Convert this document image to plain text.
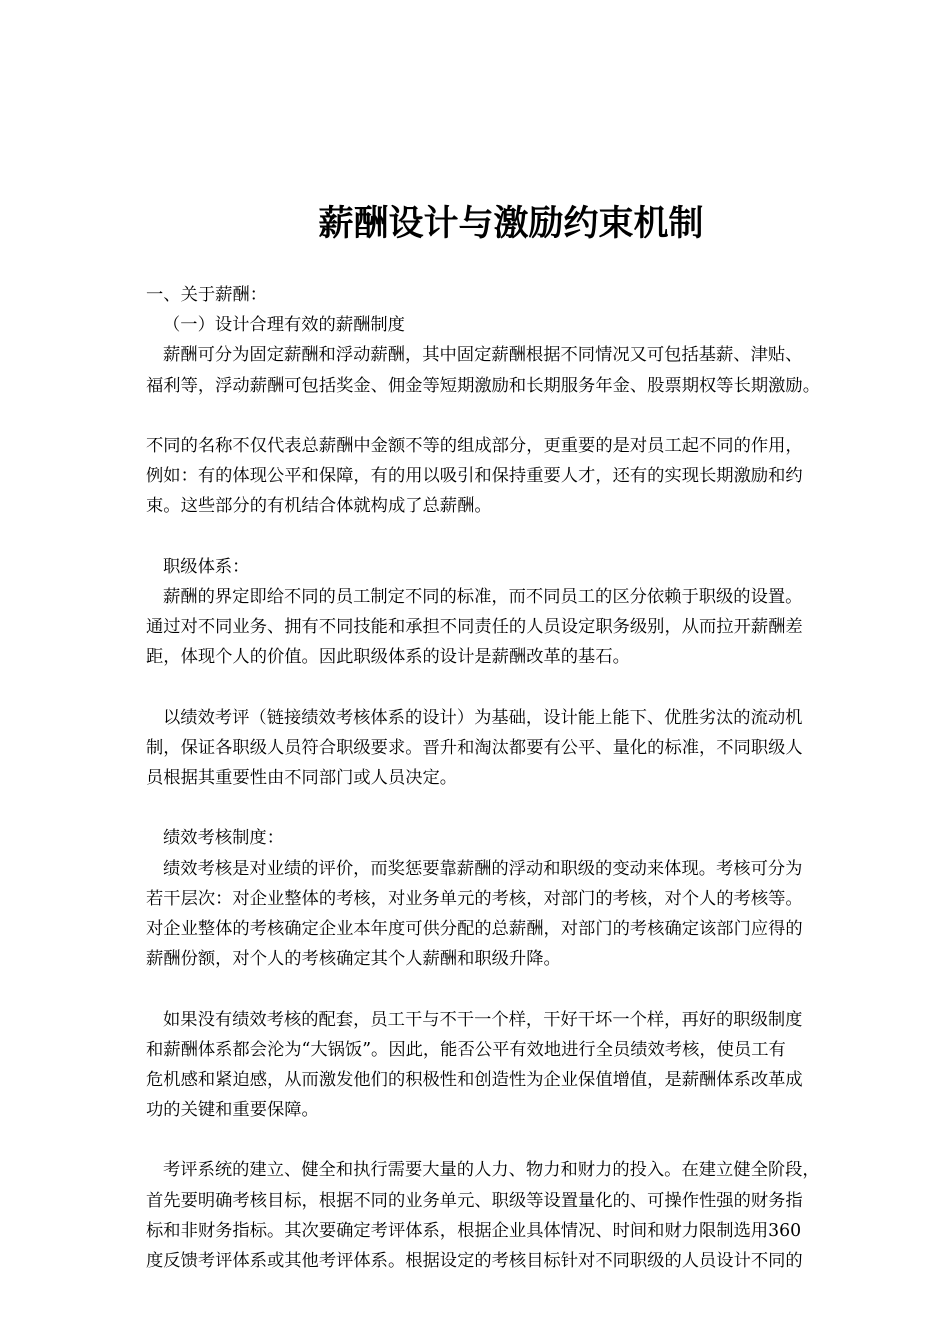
薪酬设计与激励约束机制
一、关于薪酬：
（一）设计合理有效的薪酬制度
薪酬可分为固定薪酬和浮动薪酬，其中固定薪酬根据不同情况又可包括基薪、津贴、
福利等，浮动薪酬可包括奖金、佣金等短期激励和长期服务年金、股票期权等长期激励。
不同的名称不仅代表总薪酬中金额不等的组成部分，更重要的是对员工起不同的作用，
例如：有的体现公平和保障，有的用以吸引和保持重要人才，还有的实现长期激励和约
束。这些部分的有机结合体就构成了总薪酬。
职级体系：
薪酬的界定即给不同的员工制定不同的标准，而不同员工的区分依赖于职级的设置。
通过对不同业务、拥有不同技能和承担不同责任的人员设定职务级别，从而拉开薪酬差
距，体现个人的价值。因此职级体系的设计是薪酬改革的基石。
以绩效考评（链接绩效考核体系的设计）为基础，设计能上能下、优胜劣汰的流动机
制，保证各职级人员符合职级要求。晋升和淘汰都要有公平、量化的标准，不同职级人
员根据其重要性由不同部门或人员决定。
绩效考核制度：
绩效考核是对业绩的评价，而奖惩要靠薪酬的浮动和职级的变动来体现。考核可分为
若干层次：对企业整体的考核，对业务单元的考核，对部门的考核，对个人的考核等。
对企业整体的考核确定企业本年度可供分配的总薪酬，对部门的考核确定该部门应得的
薪酬份额，对个人的考核确定其个人薪酬和职级升降。
如果没有绩效考核的配套，员工干与不干一个样，干好干坏一个样，再好的职级制度
和薪酬体系都会沦为“大锅饭”。因此，能否公平有效地进行全员绩效考核，使员工有
危机感和紧迫感，从而激发他们的积极性和创造性为企业保值增值，是薪酬体系改革成
功的关键和重要保障。
考评系统的建立、健全和执行需要大量的人力、物力和财力的投入。在建立健全阶段，
首先要明确考核目标，根据不同的业务单元、职级等设置量化的、可操作性强的财务指
标和非财务指标。其次要确定考评体系，根据企业具体情况、时间和财力限制选用360
度反馈考评体系或其他考评体系。根据设定的考核目标针对不同职级的人员设计不同的
